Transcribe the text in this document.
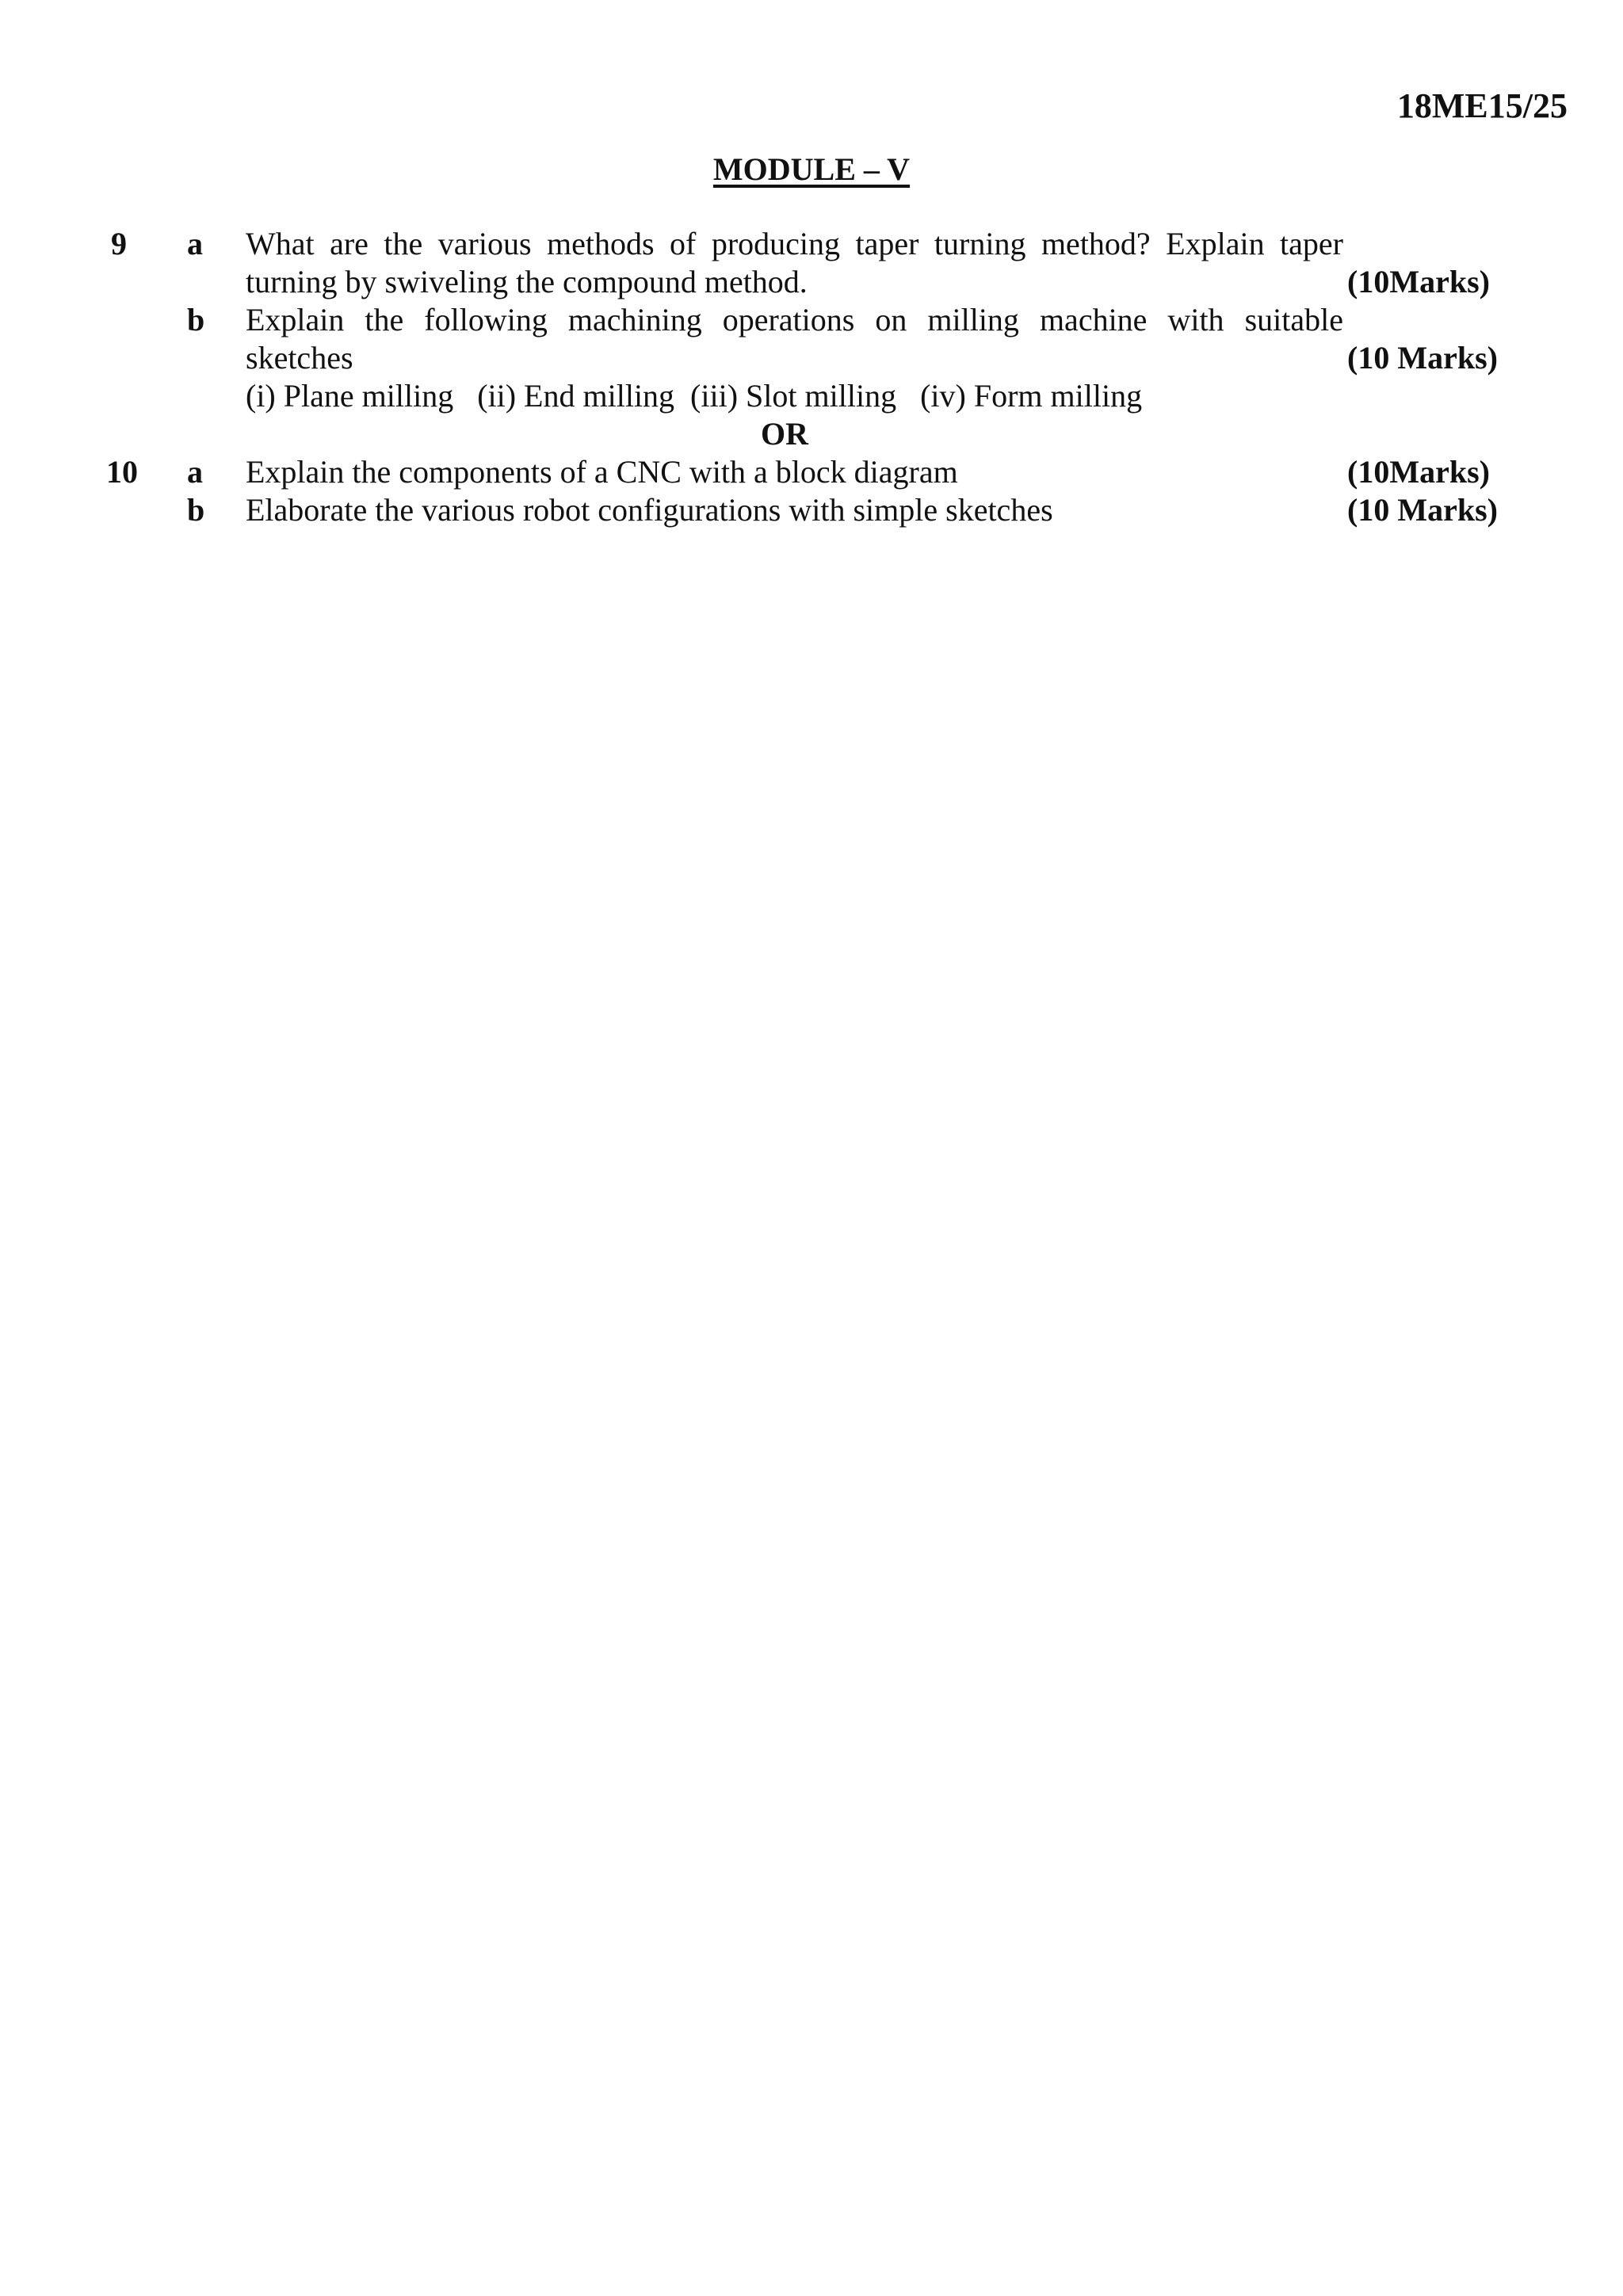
18ME15/25
MODULE – V
9 a What are the various methods of producing taper turning method? Explain taper
turning by swiveling the compound method.	(10Marks)
b Explain the following machining operations on milling machine with suitable
sketches	(10 Marks)
(i) Plane milling   (ii) End milling  (iii) Slot milling   (iv) Form milling
OR
10 a Explain the components of a CNC with a block diagram	(10Marks)
b Elaborate the various robot configurations with simple sketches	(10 Marks)
